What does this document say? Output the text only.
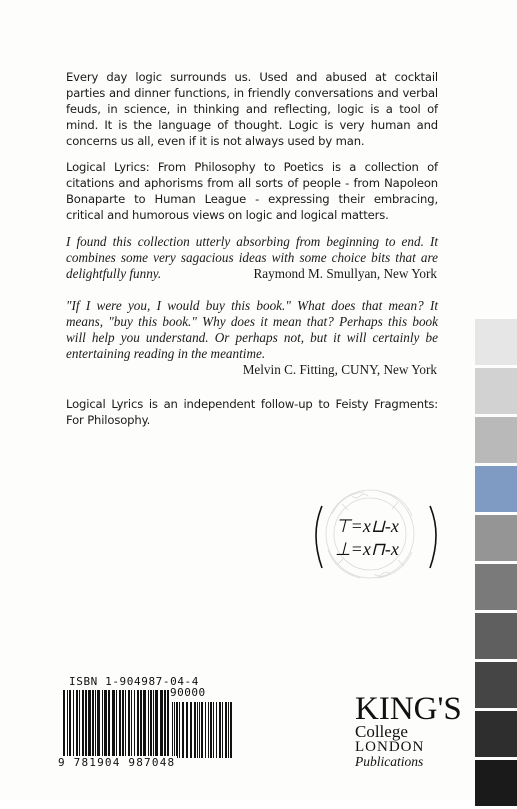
Every day logic surrounds us. Used and abused at cocktail parties and dinner functions, in friendly conversations and verbal feuds, in science, in thinking and reflecting, logic is a tool of mind. It is the language of thought. Logic is very human and concerns us all, even if it is not always used by man.

Logical Lyrics: From Philosophy to Poetics is a collection of citations and aphorisms from all sorts of people - from Napoleon Bonaparte to Human League - expressing their embracing, critical and humorous views on logic and logical matters.

I found this collection utterly absorbing from beginning to end. It combines some very sagacious ideas with some choice bits that are delightfully funny.	Raymond M. Smullyan, New York

"If I were you, I would buy this book." What does that mean? It means, "buy this book." Why does it mean that? Perhaps this book will help you understand. Or perhaps not, but it will certainly be entertaining reading in the meantime.

Melvin C. Fitting, CUNY, New York

Logical Lyrics is an independent follow-up to Feisty Fragments: For Philosophy.

⊤=x⊔-x
⊥=x⊓-x
ISBN 1-904987-04-4
90000
9 781904 987048
KING'S
College
LONDON
Publications
